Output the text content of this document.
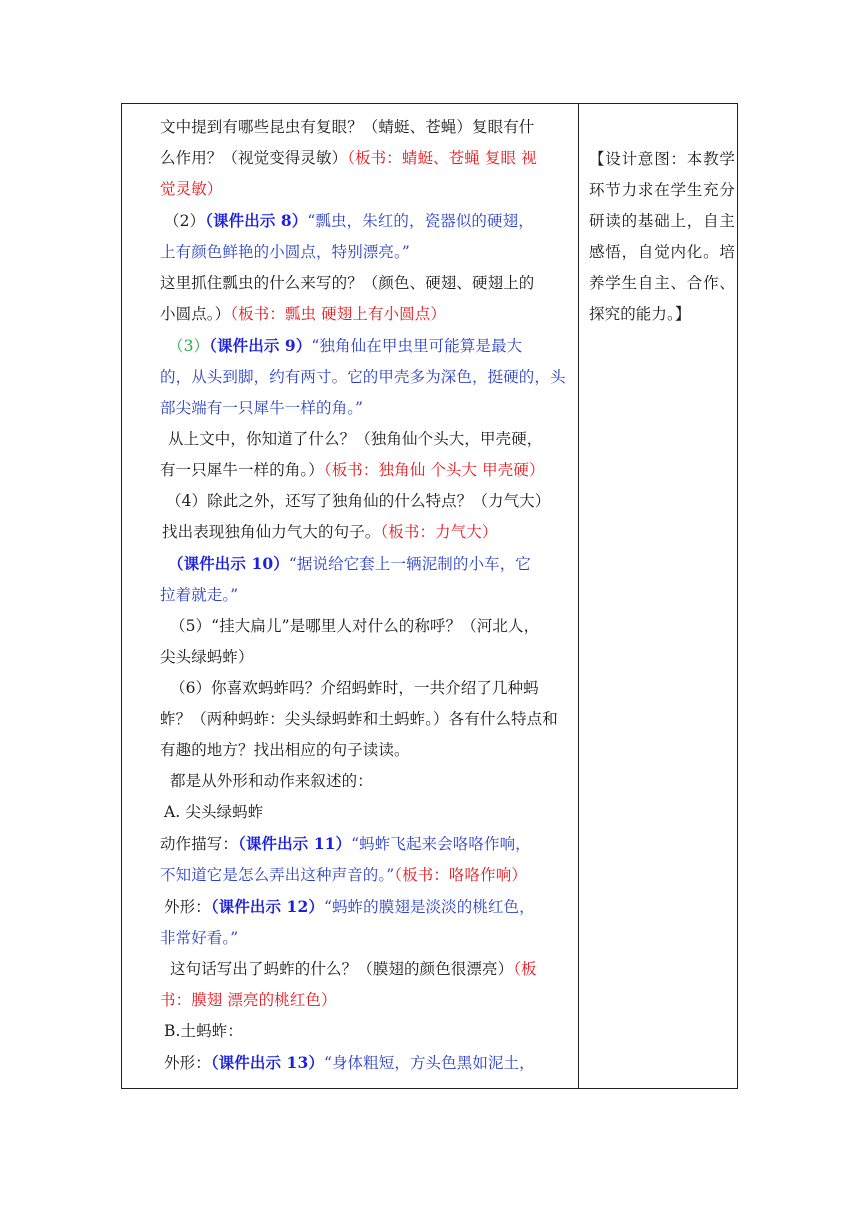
文中提到有哪些昆虫有复眼？（蜻蜓、苍蝇）复眼有什

么作用？（视觉变得灵敏）（板书：蜻蜓、苍蝇 复眼 视

觉灵敏）

（2）（课件出示 8）“瓢虫，朱红的，瓷器似的硬翅，

上有颜色鲜艳的小圆点，特别漂亮。”

这里抓住瓢虫的什么来写的？（颜色、硬翅、硬翅上的

小圆点。）（板书：瓢虫 硬翅上有小圆点）

（3）（课件出示 9）“独角仙在甲虫里可能算是最大

的，从头到脚，约有两寸。它的甲壳多为深色，挺硬的，头

部尖端有一只犀牛一样的角。”

从上文中，你知道了什么？（独角仙个头大，甲壳硬，

有一只犀牛一样的角。）（板书：独角仙 个头大 甲壳硬）

（4）除此之外，还写了独角仙的什么特点？（力气大）

找出表现独角仙力气大的句子。（板书：力气大）

（课件出示 10）“据说给它套上一辆泥制的小车，它

拉着就走。”

（5）“挂大扁儿”是哪里人对什么的称呼？（河北人，

尖头绿蚂蚱）

（6）你喜欢蚂蚱吗？介绍蚂蚱时，一共介绍了几种蚂

蚱？（两种蚂蚱：尖头绿蚂蚱和土蚂蚱。）各有什么特点和

有趣的地方？找出相应的句子读读。

都是从外形和动作来叙述的：

A. 尖头绿蚂蚱

动作描写：（课件出示 11）“蚂蚱飞起来会咯咯作响，

不知道它是怎么弄出这种声音的。”（板书：咯咯作响）

外形：（课件出示 12）“蚂蚱的膜翅是淡淡的桃红色，

非常好看。”

这句话写出了蚂蚱的什么？（膜翅的颜色很漂亮）（板

书：膜翅 漂亮的桃红色）

B.土蚂蚱：

外形：（课件出示 13）“身体粗短，方头色黑如泥土，

【设计意图：本教学环节力求在学生充分研读的基础上，自主感悟，自觉内化。培养学生自主、合作、探究的能力。】
